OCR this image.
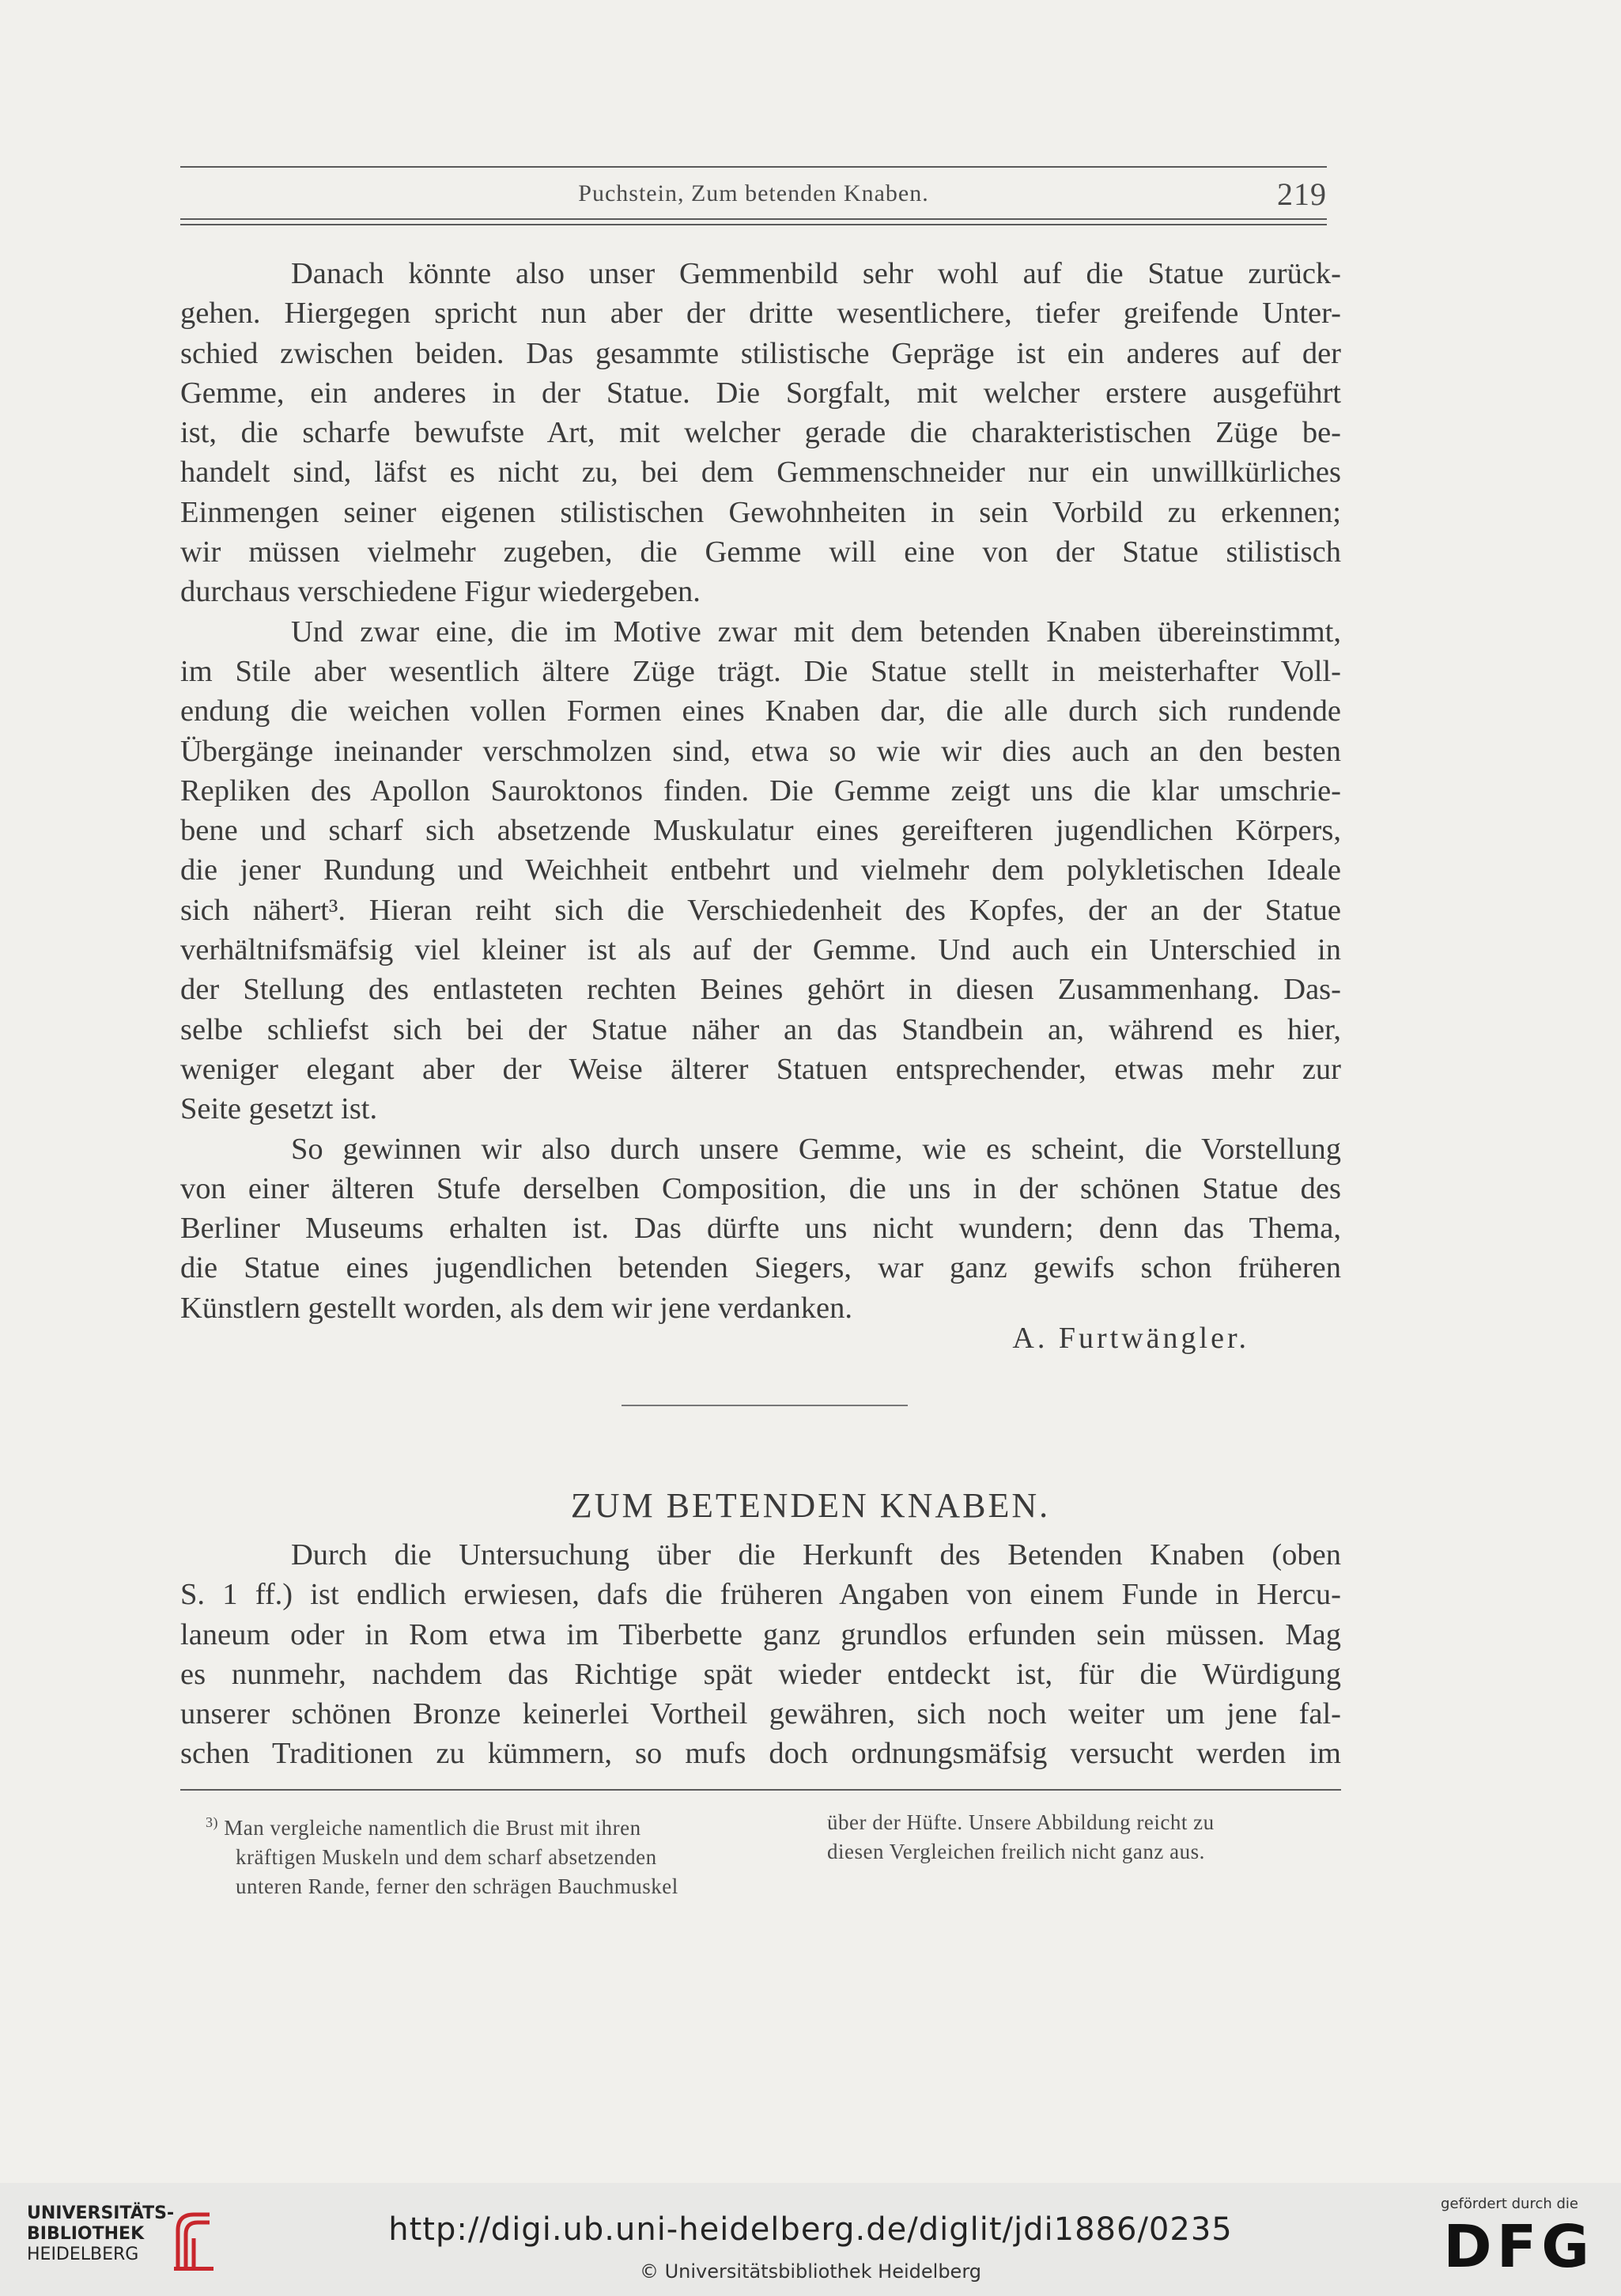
Puchstein, Zum betenden Knaben.	219

Danach könnte also unser Gemmenbild sehr wohl auf die Statue zurück-

gehen. Hiergegen spricht nun aber der dritte wesentlichere, tiefer greifende Unter-

schied zwischen beiden. Das gesammte stilistische Gepräge ist ein anderes auf der

Gemme, ein anderes in der Statue. Die Sorgfalt, mit welcher erstere ausgeführt

ist, die scharfe bewufste Art, mit welcher gerade die charakteristischen Züge be-

handelt sind, läfst es nicht zu, bei dem Gemmenschneider nur ein unwillkürliches

Einmengen seiner eigenen stilistischen Gewohnheiten in sein Vorbild zu erkennen;

wir müssen vielmehr zugeben, die Gemme will eine von der Statue stilistisch

durchaus verschiedene Figur wiedergeben.

Und zwar eine, die im Motive zwar mit dem betenden Knaben übereinstimmt,

im Stile aber wesentlich ältere Züge trägt. Die Statue stellt in meisterhafter Voll-

endung die weichen vollen Formen eines Knaben dar, die alle durch sich rundende

Übergänge ineinander verschmolzen sind, etwa so wie wir dies auch an den besten

Repliken des Apollon Sauroktonos finden. Die Gemme zeigt uns die klar umschrie-

bene und scharf sich absetzende Muskulatur eines gereifteren jugendlichen Körpers,

die jener Rundung und Weichheit entbehrt und vielmehr dem polykletischen Ideale

sich nähert³. Hieran reiht sich die Verschiedenheit des Kopfes, der an der Statue

verhältnifsmäfsig viel kleiner ist als auf der Gemme. Und auch ein Unterschied in

der Stellung des entlasteten rechten Beines gehört in diesen Zusammenhang. Das-

selbe schliefst sich bei der Statue näher an das Standbein an, während es hier,

weniger elegant aber der Weise älterer Statuen entsprechender, etwas mehr zur

Seite gesetzt ist.

So gewinnen wir also durch unsere Gemme, wie es scheint, die Vorstellung

von einer älteren Stufe derselben Composition, die uns in der schönen Statue des

Berliner Museums erhalten ist. Das dürfte uns nicht wundern; denn das Thema,

die Statue eines jugendlichen betenden Siegers, war ganz gewifs schon früheren

Künstlern gestellt worden, als dem wir jene verdanken.

A. Furtwängler.
ZUM BETENDEN KNABEN.

Durch die Untersuchung über die Herkunft des Betenden Knaben (oben

S. 1 ff.) ist endlich erwiesen, dafs die früheren Angaben von einem Funde in Hercu-

laneum oder in Rom etwa im Tiberbette ganz grundlos erfunden sein müssen. Mag

es nunmehr, nachdem das Richtige spät wieder entdeckt ist, für die Würdigung

unserer schönen Bronze keinerlei Vortheil gewähren, sich noch weiter um jene fal-

schen Traditionen zu kümmern, so mufs doch ordnungsmäfsig versucht werden im

$^{3)}$ Man vergleiche namentlich die Brust mit ihren

kräftigen Muskeln und dem scharf absetzenden

unteren Rande, ferner den schrägen Bauchmuskel

über der Hüfte. Unsere Abbildung reicht zu

diesen Vergleichen freilich nicht ganz aus.

UNIVERSITÄTS-
BIBLIOTHEK
HEIDELBERG
http://digi.ub.uni-heidelberg.de/diglit/jdi1886/0235
© Universitätsbibliothek Heidelberg
gefördert durch die
DFG
